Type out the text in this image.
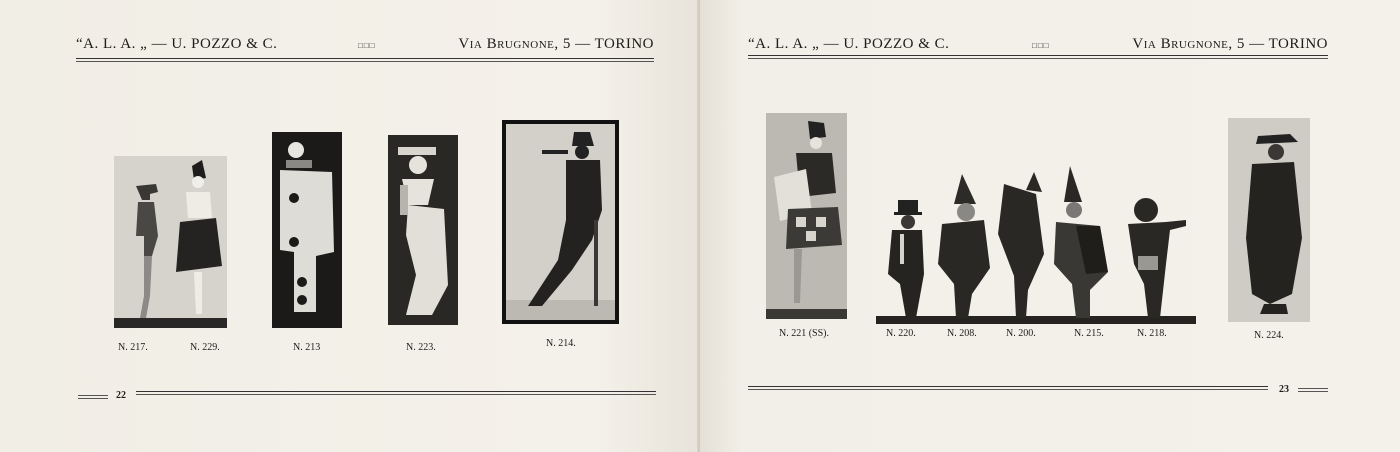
“A. L. A. „ — U. POZZO & C.	□□□	Via Brugnone, 5 — TORINO
N. 217.	N. 229.	N. 213	N. 223.	N. 214.
22
“A. L. A. „ — U. POZZO & C.	□□□	Via Brugnone, 5 — TORINO
N. 221 (SS).	N. 220.	N. 208.	N. 200.	N. 215.	N. 218.	N. 224.
23
